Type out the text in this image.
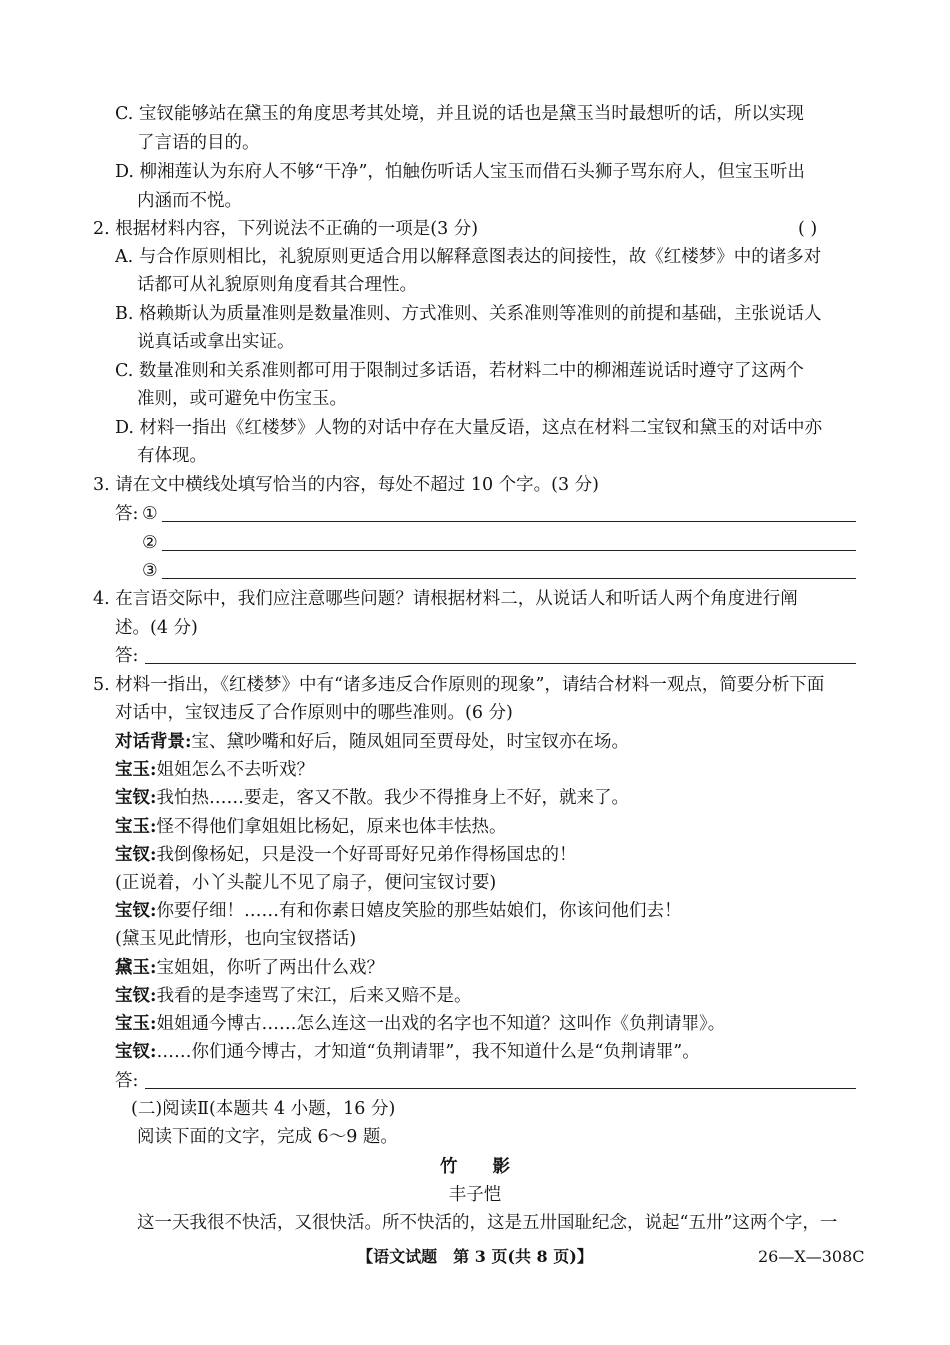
C. 宝钗能够站在黛玉的角度思考其处境，并且说的话也是黛玉当时最想听的话，所以实现
了言语的目的。
D. 柳湘莲认为东府人不够“干净”，怕触伤听话人宝玉而借石头狮子骂东府人，但宝玉听出
内涵而不悦。
2. 根据材料内容，下列说法不正确的一项是(3 分)	( )
A. 与合作原则相比，礼貌原则更适合用以解释意图表达的间接性，故《红楼梦》中的诸多对
话都可从礼貌原则角度看其合理性。
B. 格赖斯认为质量准则是数量准则、方式准则、关系准则等准则的前提和基础，主张说话人
说真话或拿出实证。
C. 数量准则和关系准则都可用于限制过多话语，若材料二中的柳湘莲说话时遵守了这两个
准则，或可避免中伤宝玉。
D. 材料一指出《红楼梦》人物的对话中存在大量反语，这点在材料二宝钗和黛玉的对话中亦
有体现。
3. 请在文中横线处填写恰当的内容，每处不超过 10 个字。(3 分)
答: ①
②
③
4. 在言语交际中，我们应注意哪些问题？请根据材料二，从说话人和听话人两个角度进行阐
述。(4 分)
答:
5. 材料一指出，《红楼梦》中有“诸多违反合作原则的现象”，请结合材料一观点，简要分析下面
对话中，宝钗违反了合作原则中的哪些准则。(6 分)
对话背景:宝、黛吵嘴和好后，随凤姐同至贾母处，时宝钗亦在场。
宝玉:姐姐怎么不去听戏？
宝钗:我怕热……要走，客又不散。我少不得推身上不好，就来了。
宝玉:怪不得他们拿姐姐比杨妃，原来也体丰怯热。
宝钗:我倒像杨妃，只是没一个好哥哥好兄弟作得杨国忠的！
(正说着，小丫头靛儿不见了扇子，便问宝钗讨要)
宝钗:你要仔细！……有和你素日嬉皮笑脸的那些姑娘们，你该问他们去！
(黛玉见此情形，也向宝钗搭话)
黛玉:宝姐姐，你听了两出什么戏？
宝钗:我看的是李逵骂了宋江，后来又赔不是。
宝玉:姐姐通今博古……怎么连这一出戏的名字也不知道？这叫作《负荆请罪》。
宝钗:……你们通今博古，才知道“负荆请罪”，我不知道什么是“负荆请罪”。
答:
(二)阅读Ⅱ(本题共 4 小题，16 分)
阅读下面的文字，完成 6～9 题。
竹　　影
丰子恺
这一天我很不快活，又很快活。所不快活的，这是五卅国耻纪念，说起“五卅”这两个字，一
【语文试题　第 3 页(共 8 页)】	26—X—308C
